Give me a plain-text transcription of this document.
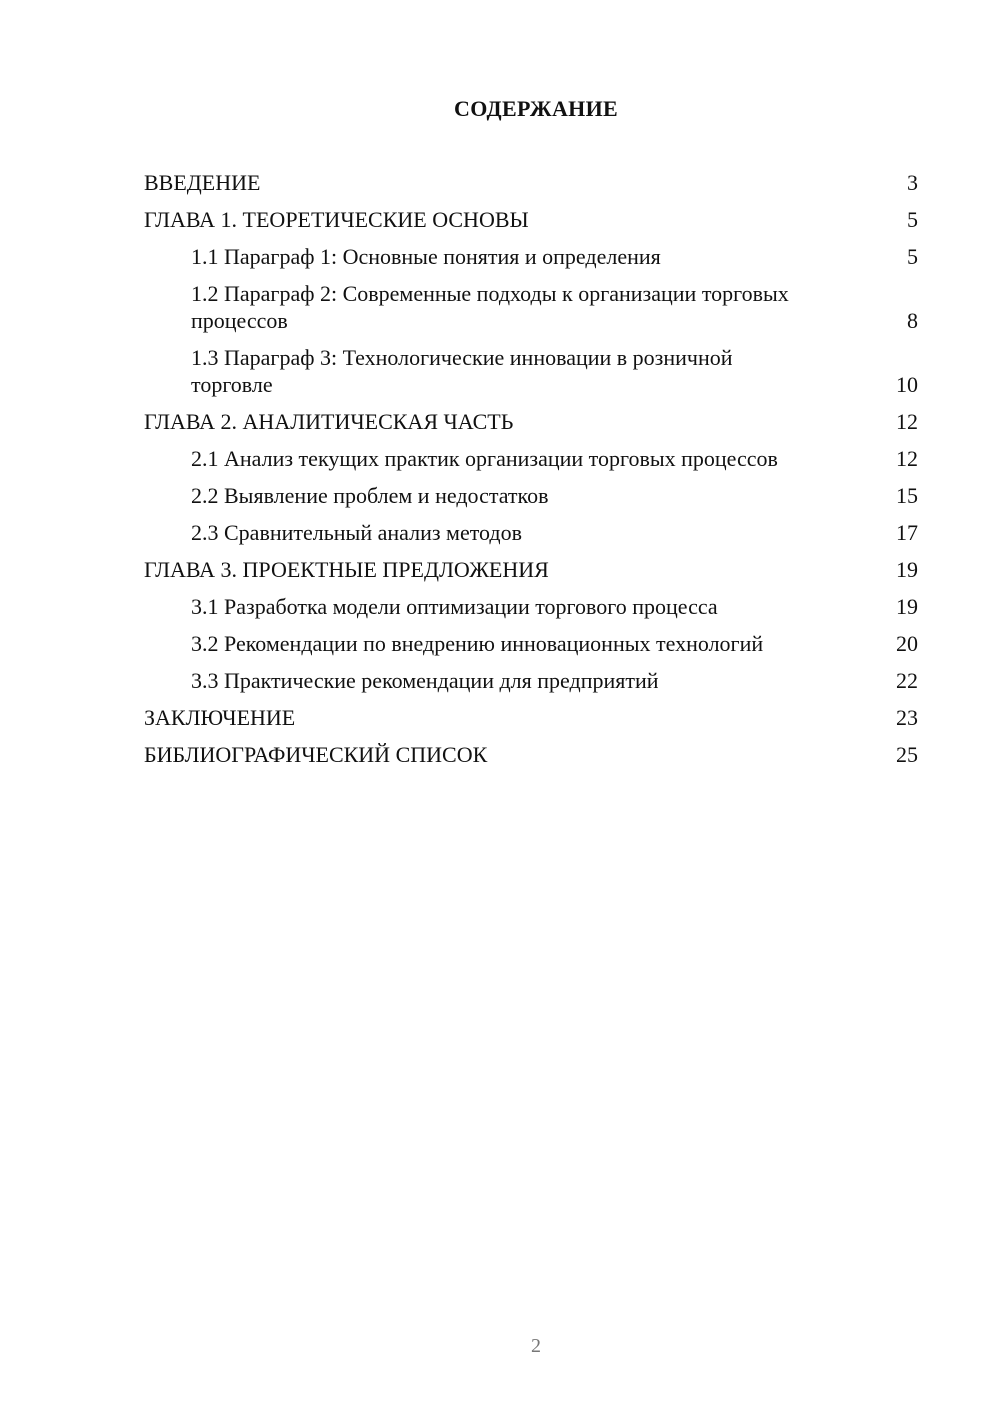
СОДЕРЖАНИЕ
ВВЕДЕНИЕ	3
ГЛАВА 1. ТЕОРЕТИЧЕСКИЕ ОСНОВЫ	5
1.1 Параграф 1: Основные понятия и определения	5
1.2 Параграф 2: Современные подходы к организации торговых процессов	8
1.3 Параграф 3: Технологические инновации в розничной торговле	10
ГЛАВА 2. АНАЛИТИЧЕСКАЯ ЧАСТЬ	12
2.1 Анализ текущих практик организации торговых процессов	12
2.2 Выявление проблем и недостатков	15
2.3 Сравнительный анализ методов	17
ГЛАВА 3. ПРОЕКТНЫЕ ПРЕДЛОЖЕНИЯ	19
3.1 Разработка модели оптимизации торгового процесса	19
3.2 Рекомендации по внедрению инновационных технологий	20
3.3 Практические рекомендации для предприятий	22
ЗАКЛЮЧЕНИЕ	23
БИБЛИОГРАФИЧЕСКИЙ СПИСОК	25
2
